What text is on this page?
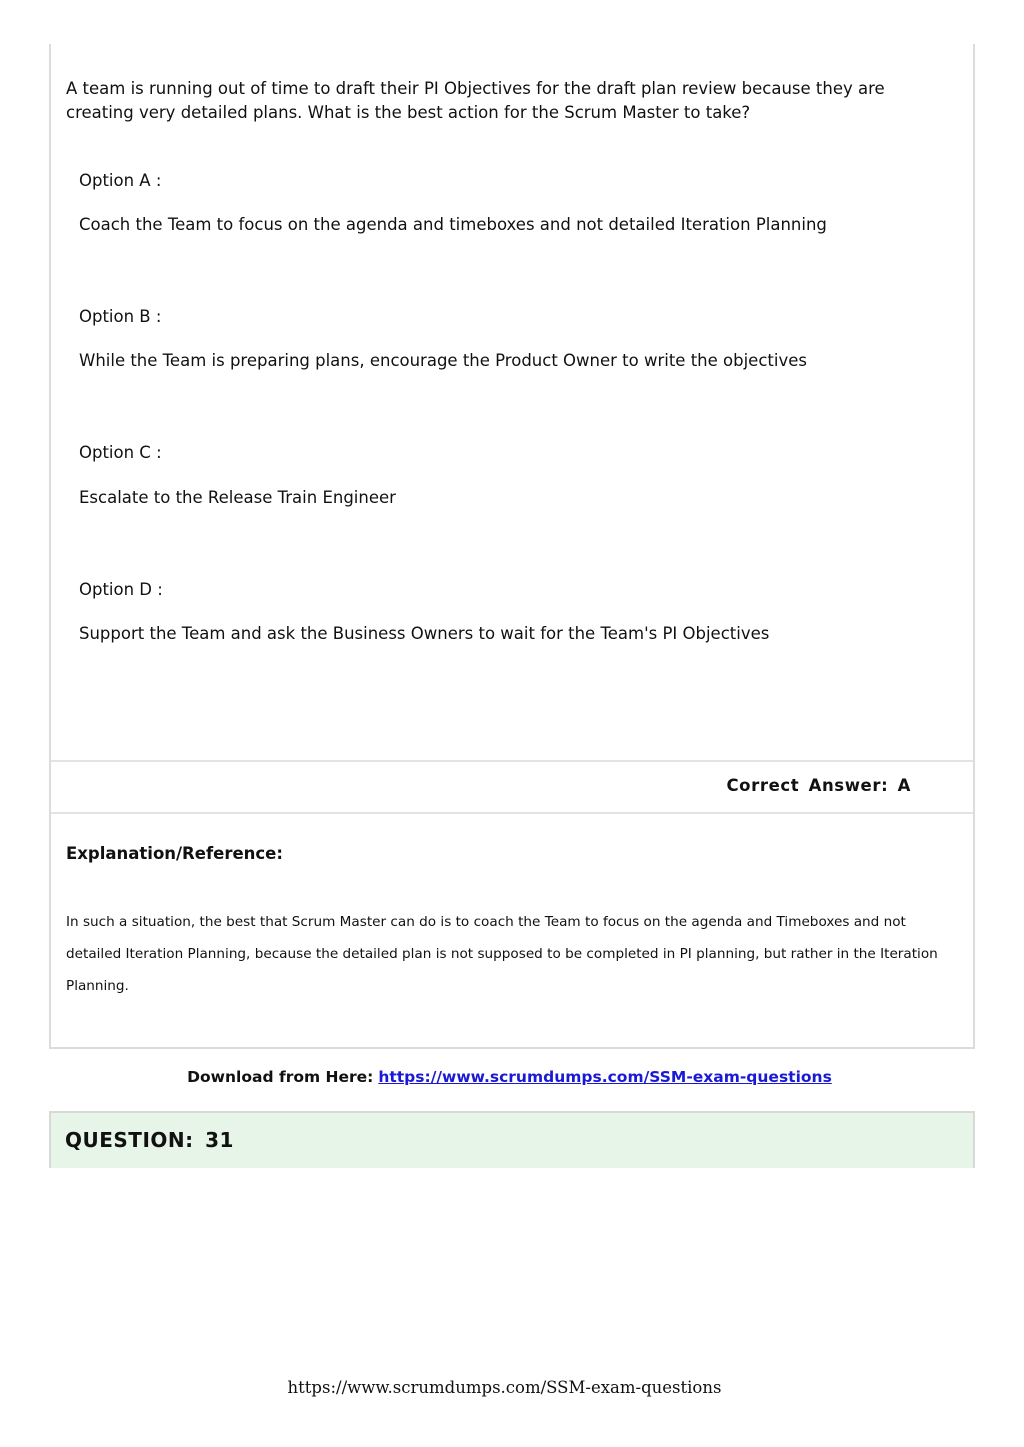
A team is running out of time to draft their PI Objectives for the draft plan review because they are creating very detailed plans. What is the best action for the Scrum Master to take?
Option A :
Coach the Team to focus on the agenda and timeboxes and not detailed Iteration Planning
Option B :
While the Team is preparing plans, encourage the Product Owner to write the objectives
Option C :
Escalate to the Release Train Engineer
Option D :
Support the Team and ask the Business Owners to wait for the Team's PI Objectives
Correct Answer: A
Explanation/Reference:
In such a situation, the best that Scrum Master can do is to coach the Team to focus on the agenda and Timeboxes and not detailed Iteration Planning, because the detailed plan is not supposed to be completed in PI planning, but rather in the Iteration Planning.
Download from Here: https://www.scrumdumps.com/SSM-exam-questions
QUESTION: 31
https://www.scrumdumps.com/SSM-exam-questions
